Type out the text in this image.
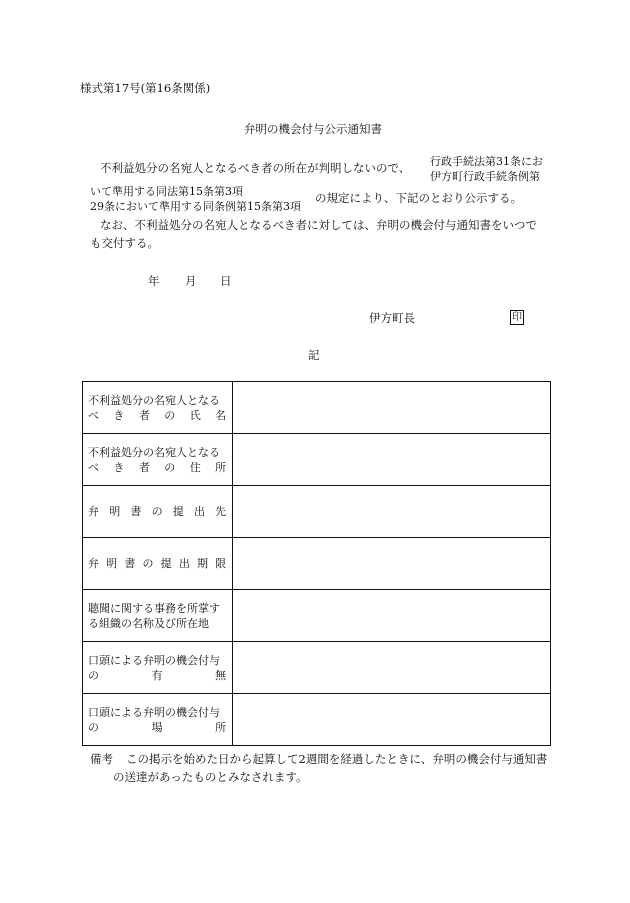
様式第17号(第16条関係)
弁明の機会付与公示通知書
不利益処分の名宛人となるべき者の所在が判明しないので、 行政手続法第31条にお
伊方町行政手続条例第
いて準用する同法第15条第3項
29条において準用する同条例第15条第3項
の規定により、下記のとおり公示する。
なお、不利益処分の名宛人となるべき者に対しては、弁明の機会付与通知書をいつで
も交付する。
年 月 日
伊方町長	印
記
不利益処分の名宛人となる
べき者の氏名	

不利益処分の名宛人となる
べき者の住所	

弁明書の提出先	

弁明書の提出期限	

聴聞に関する事務を所掌す
る組織の名称及び所在地	

口頭による弁明の機会付与
の有無	

口頭による弁明の機会付与
の場所	

備考 この掲示を始めた日から起算して2週間を経過したときに、弁明の機会付与通知書
の送達があったものとみなされます。
